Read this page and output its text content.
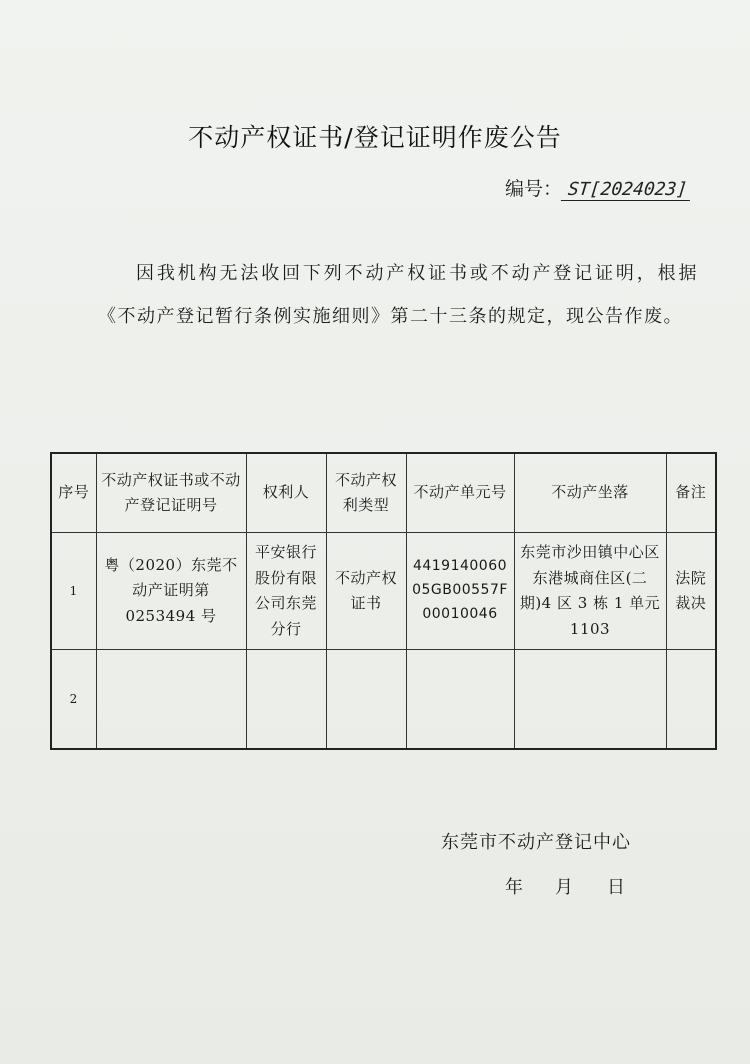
不动产权证书/登记证明作废公告
编号： ST[2024023]
因我机构无法收回下列不动产权证书或不动产登记证明，根据《不动产登记暂行条例实施细则》第二十三条的规定，现公告作废。
序号	不动产权证书或不动产登记证明号	权利人	不动产权利类型	不动产单元号	不动产坐落	备注
1	粤（2020）东莞不动产证明第 0253494 号	平安银行股份有限公司东莞分行	不动产权证书	441914006005GB00557F00010046	东莞市沙田镇中心区东港城商住区(二期)4 区 3 栋 1 单元 1103	法院裁决
2						
东莞市不动产登记中心
年 月 日
